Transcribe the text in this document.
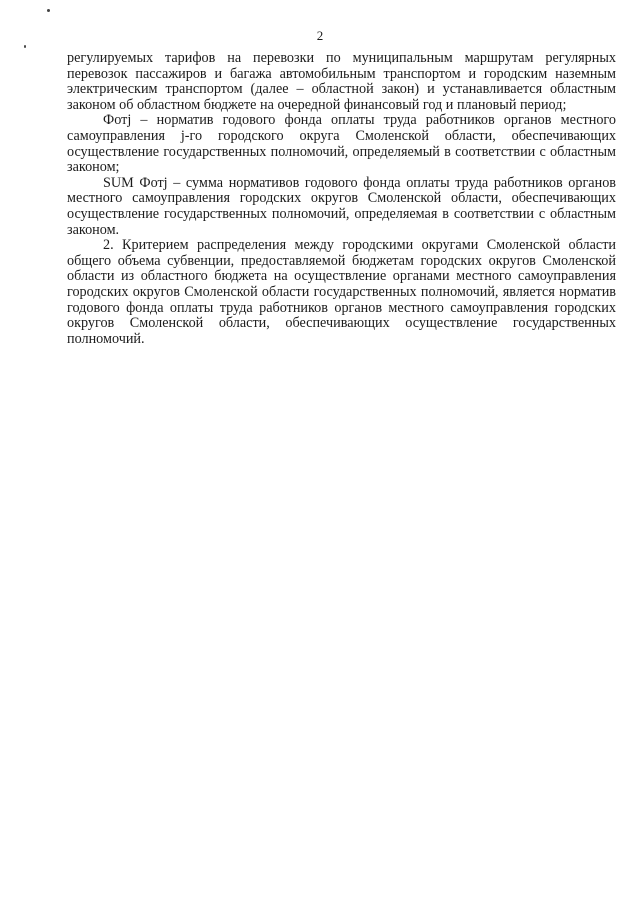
2

регулируемых тарифов на перевозки по муниципальным маршрутам регулярных перевозок пассажиров и багажа автомобильным транспортом и городским наземным электрическим транспортом (далее – областной закон) и устанавливается областным законом об областном бюджете на очередной финансовый год и плановый период;

Фотj – норматив годового фонда оплаты труда работников органов местного самоуправления j-го городского округа Смоленской области, обеспечивающих осуществление государственных полномочий, определяемый в соответствии с областным законом;

SUM Фотj – сумма нормативов годового фонда оплаты труда работников органов местного самоуправления городских округов Смоленской области, обеспечивающих осуществление государственных полномочий, определяемая в соответствии с областным законом.

2. Критерием распределения между городскими округами Смоленской области общего объема субвенции, предоставляемой бюджетам городских округов Смоленской области из областного бюджета на осуществление органами местного самоуправления городских округов Смоленской области государственных полномочий, является норматив годового фонда оплаты труда работников органов местного самоуправления городских округов Смоленской области, обеспечивающих осуществление государственных полномочий.
